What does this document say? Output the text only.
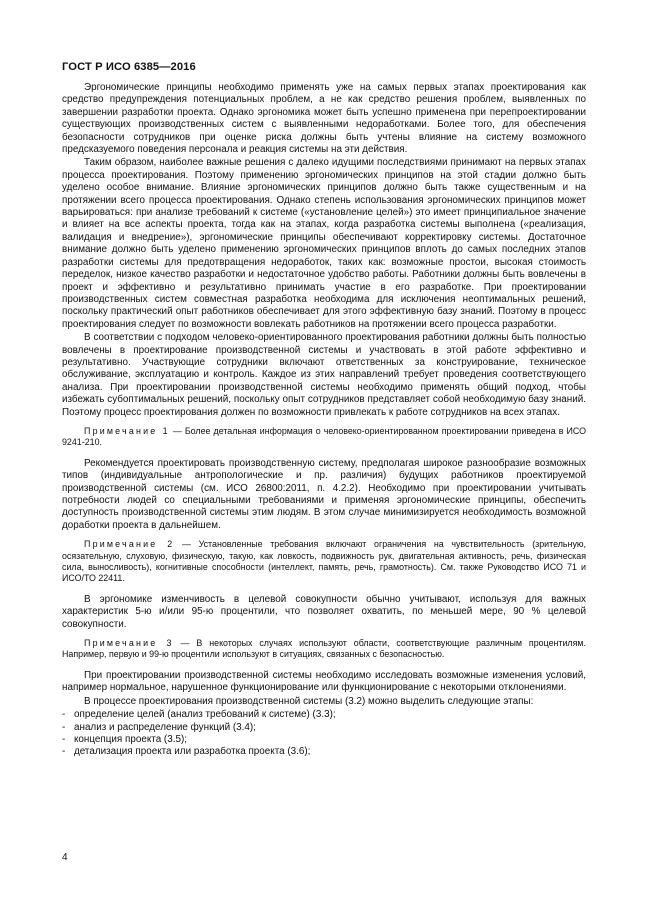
ГОСТ Р ИСО 6385—2016

Эргономические принципы необходимо применять уже на самых первых этапах проектирования как средство предупреждения потенциальных проблем, а не как средство решения проблем, выявленных по завершении разработки проекта. Однако эргономика может быть успешно применена при перепроектировании существующих производственных систем с выявленными недоработками. Более того, для обеспечения безопасности сотрудников при оценке риска должны быть учтены влияние на систему возможного предсказуемого поведения персонала и реакция системы на эти действия.

Таким образом, наиболее важные решения с далеко идущими последствиями принимают на первых этапах процесса проектирования. Поэтому применению эргономических принципов на этой стадии должно быть уделено особое внимание. Влияние эргономических принципов должно быть также существенным и на протяжении всего процесса проектирования. Однако степень использования эргономических принципов может варьироваться: при анализе требований к системе («установление целей») это имеет принципиальное значение и влияет на все аспекты проекта, тогда как на этапах, когда разработка системы выполнена («реализация, валидация и внедрение»), эргономические принципы обеспечивают корректировку системы. Достаточное внимание должно быть уделено применению эргономических принципов вплоть до самых последних этапов разработки системы для предотвращения недоработок, таких как: возможные простои, высокая стоимость переделок, низкое качество разработки и недостаточное удобство работы. Работники должны быть вовлечены в проект и эффективно и результативно принимать участие в его разработке. При проектировании производственных систем совместная разработка необходима для исключения неоптимальных решений, поскольку практический опыт работников обеспечивает для этого эффективную базу знаний. Поэтому в процесс проектирования следует по возможности вовлекать работников на протяжении всего процесса разработки.

В соответствии с подходом человеко-ориентированного проектирования работники должны быть полностью вовлечены в проектирование производственной системы и участвовать в этой работе эффективно и результативно. Участвующие сотрудники включают ответственных за конструирование, техническое обслуживание, эксплуатацию и контроль. Каждое из этих направлений требует проведения соответствующего анализа. При проектировании производственной системы необходимо применять общий подход, чтобы избежать субоптимальных решений, поскольку опыт сотрудников представляет собой необходимую базу знаний. Поэтому процесс проектирования должен по возможности привлекать к работе сотрудников на всех этапах.

Примечание 1 — Более детальная информация о человеко-ориентированном проектировании приведена в ИСО 9241-210.

Рекомендуется проектировать производственную систему, предполагая широкое разнообразие возможных типов (индивидуальные антропологические и пр. различия) будущих работников проектируемой производственной системы (см. ИСО 26800:2011, п. 4.2.2). Необходимо при проектировании учитывать потребности людей со специальными требованиями и применяя эргономические принципы, обеспечить доступность производственной системы этим людям. В этом случае минимизируется необходимость возможной доработки проекта в дальнейшем.

Примечание 2 — Установленные требования включают ограничения на чувствительность (зрительную, осязательную, слуховую, физическую, такую, как ловкость, подвижность рук, двигательная активность, речь, физическая сила, выносливость), когнитивные способности (интеллект, память, речь, грамотность). См. также Руководство ИСО 71 и ИСО/ТО 22411.

В эргономике изменчивость в целевой совокупности обычно учитывают, используя для важных характеристик 5-ю и/или 95-ю процентили, что позволяет охватить, по меньшей мере, 90 % целевой совокупности.

Примечание 3 — В некоторых случаях используют области, соответствующие различным процентилям. Например, первую и 99-ю процентили используют в ситуациях, связанных с безопасностью.

При проектировании производственной системы необходимо исследовать возможные изменения условий, например нормальное, нарушенное функционирование или функционирование с некоторыми отклонениями.

В процессе проектирования производственной системы (3.2) можно выделить следующие этапы:

- определение целей (анализ требований к системе) (3.3);
- анализ и распределение функций (3.4);
- концепция проекта (3.5);
- детализация проекта или разработка проекта (3.6);
4
